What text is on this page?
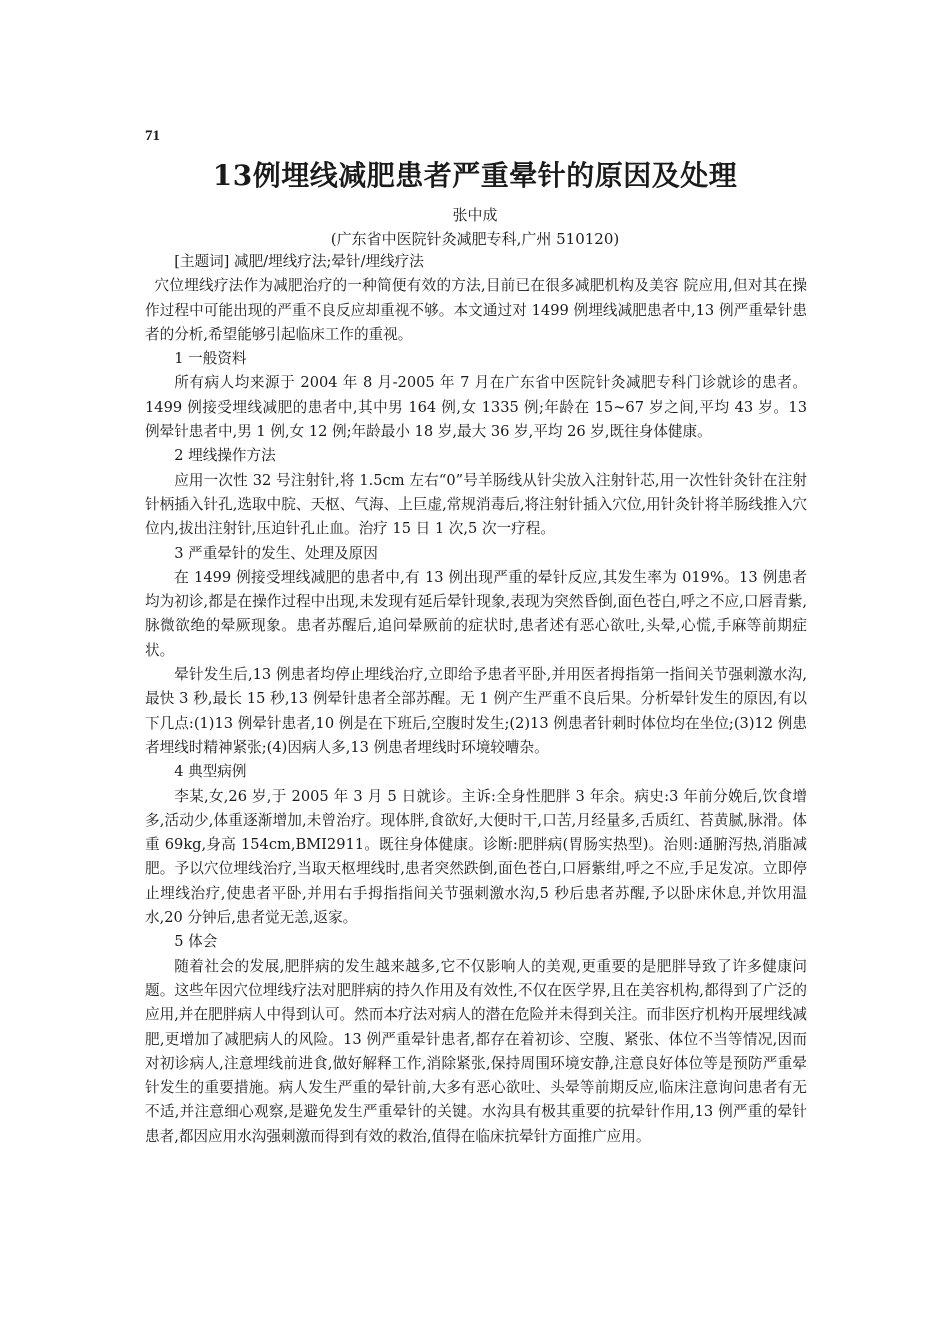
71
13例埋线减肥患者严重晕针的原因及处理
张中成
(广东省中医院针灸减肥专科,广州 510120)

[主题词] 减肥/埋线疗法;晕针/埋线疗法

穴位埋线疗法作为减肥治疗的一种简便有效的方法,目前已在很多减肥机构及美容 院应用,但对其在操作过程中可能出现的严重不良反应却重视不够。本文通过对 1499 例埋线减肥患者中,13 例严重晕针患者的分析,希望能够引起临床工作的重视。

1 一般资料

所有病人均来源于 2004 年 8 月-2005 年 7 月在广东省中医院针灸减肥专科门诊就诊的患者。1499 例接受埋线减肥的患者中,其中男 164 例,女 1335 例;年龄在 15~67 岁之间,平均 43 岁。13 例晕针患者中,男 1 例,女 12 例;年龄最小 18 岁,最大 36 岁,平均 26 岁,既往身体健康。

2 埋线操作方法

应用一次性 32 号注射针,将 1.5cm 左右“0”号羊肠线从针尖放入注射针芯,用一次性针灸针在注射针柄插入针孔,选取中脘、天枢、气海、上巨虚,常规消毒后,将注射针插入穴位,用针灸针将羊肠线推入穴位内,拔出注射针,压迫针孔止血。治疗 15 日 1 次,5 次一疗程。

3 严重晕针的发生、处理及原因

在 1499 例接受埋线减肥的患者中,有 13 例出现严重的晕针反应,其发生率为 019%。13 例患者均为初诊,都是在操作过程中出现,未发现有延后晕针现象,表现为突然昏倒,面色苍白,呼之不应,口唇青紫,脉微欲绝的晕厥现象。患者苏醒后,追问晕厥前的症状时,患者述有恶心欲吐,头晕,心慌,手麻等前期症状。

晕针发生后,13 例患者均停止埋线治疗,立即给予患者平卧,并用医者拇指第一指间关节强刺激水沟,最快 3 秒,最长 15 秒,13 例晕针患者全部苏醒。无 1 例产生严重不良后果。分析晕针发生的原因,有以下几点:(1)13 例晕针患者,10 例是在下班后,空腹时发生;(2)13 例患者针刺时体位均在坐位;(3)12 例患者埋线时精神紧张;(4)因病人多,13 例患者埋线时环境较嘈杂。

4 典型病例

李某,女,26 岁,于 2005 年 3 月 5 日就诊。主诉:全身性肥胖 3 年余。病史:3 年前分娩后,饮食增多,活动少,体重逐渐增加,未曾治疗。现体胖,食欲好,大便时干,口苦,月经量多,舌质红、苔黄腻,脉滑。体重 69kg,身高 154cm,BMI2911。既往身体健康。诊断:肥胖病(胃肠实热型)。治则:通腑泻热,消脂减肥。予以穴位埋线治疗,当取天枢埋线时,患者突然跌倒,面色苍白,口唇紫绀,呼之不应,手足发凉。立即停止埋线治疗,使患者平卧,并用右手拇指指间关节强刺激水沟,5 秒后患者苏醒,予以卧床休息,并饮用温水,20 分钟后,患者觉无恙,返家。

5 体会

随着社会的发展,肥胖病的发生越来越多,它不仅影响人的美观,更重要的是肥胖导致了许多健康问题。这些年因穴位埋线疗法对肥胖病的持久作用及有效性,不仅在医学界,且在美容机构,都得到了广泛的应用,并在肥胖病人中得到认可。然而本疗法对病人的潜在危险并未得到关注。而非医疗机构开展埋线减肥,更增加了减肥病人的风险。13 例严重晕针患者,都存在着初诊、空腹、紧张、体位不当等情况,因而对初诊病人,注意埋线前进食,做好解释工作,消除紧张,保持周围环境安静,注意良好体位等是预防严重晕针发生的重要措施。病人发生严重的晕针前,大多有恶心欲吐、头晕等前期反应,临床注意询问患者有无不适,并注意细心观察,是避免发生严重晕针的关键。水沟具有极其重要的抗晕针作用,13 例严重的晕针患者,都因应用水沟强刺激而得到有效的救治,值得在临床抗晕针方面推广应用。
